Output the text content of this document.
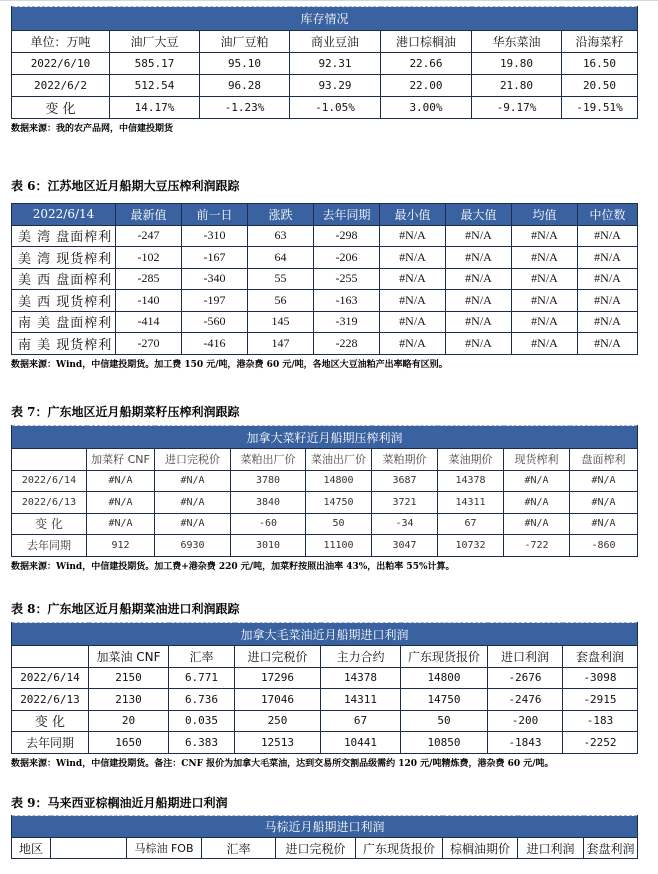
库存情况						
单位：万吨	油厂大豆	油厂豆粕	商业豆油	港口棕榈油	华东菜油	沿海菜籽
2022/6/10	585.17	95.10	92.31	22.66	19.80	16.50
2022/6/2	512.54	96.28	93.29	22.00	21.80	20.50
变 化	14.17%	-1.23%	-1.05%	3.00%	-9.17%	-19.51%
数据来源：我的农产品网，中信建投期货
表 6：江苏地区近月船期大豆压榨利润跟踪
2022/6/14	最新值	前一日	涨跌	去年同期	最小值	最大值	均值	中位数
美 湾 盘面榨利	-247	-310	63	-298	#N/A	#N/A	#N/A	#N/A
美 湾 现货榨利	-102	-167	64	-206	#N/A	#N/A	#N/A	#N/A
美 西 盘面榨利	-285	-340	55	-255	#N/A	#N/A	#N/A	#N/A
美 西 现货榨利	-140	-197	56	-163	#N/A	#N/A	#N/A	#N/A
南 美 盘面榨利	-414	-560	145	-319	#N/A	#N/A	#N/A	#N/A
南 美 现货榨利	-270	-416	147	-228	#N/A	#N/A	#N/A	#N/A
数据来源：Wind，中信建投期货。加工费 150 元/吨，港杂费 60 元/吨，各地区大豆油粕产出率略有区别。
表 7：广东地区近月船期菜籽压榨利润跟踪
加拿大菜籽近月船期压榨利润								
	加菜籽 CNF	进口完税价	菜粕出厂价	菜油出厂价	菜粕期价	菜油期价	现货榨利	盘面榨利
2022/6/14	#N/A	#N/A	3780	14800	3687	14378	#N/A	#N/A
2022/6/13	#N/A	#N/A	3840	14750	3721	14311	#N/A	#N/A
变 化	#N/A	#N/A	-60	50	-34	67	#N/A	#N/A
去年同期	912	6930	3010	11100	3047	10732	-722	-860
数据来源：Wind，中信建投期货。加工费+港杂费 220 元/吨，加菜籽按照出油率 43%，出粕率 55%计算。
表 8：广东地区近月船期菜油进口利润跟踪
加拿大毛菜油近月船期进口利润							
	加菜油 CNF	汇率	进口完税价	主力合约	广东现货报价	进口利润	套盘利润
2022/6/14	2150	6.771	17296	14378	14800	-2676	-3098
2022/6/13	2130	6.736	17046	14311	14750	-2476	-2915
变 化	20	0.035	250	67	50	-200	-183
去年同期	1650	6.383	12513	10441	10850	-1843	-2252
数据来源：Wind，中信建投期货。备注：CNF 报价为加拿大毛菜油，达到交易所交割品级需约 120 元/吨精炼费，港杂费 60 元/吨。
表 9：马来西亚棕榈油近月船期进口利润
马棕近月船期进口利润
地区		马棕油 FOB	汇率	进口完税价	广东现货报价	棕榈油期价	进口利润	套盘利润
